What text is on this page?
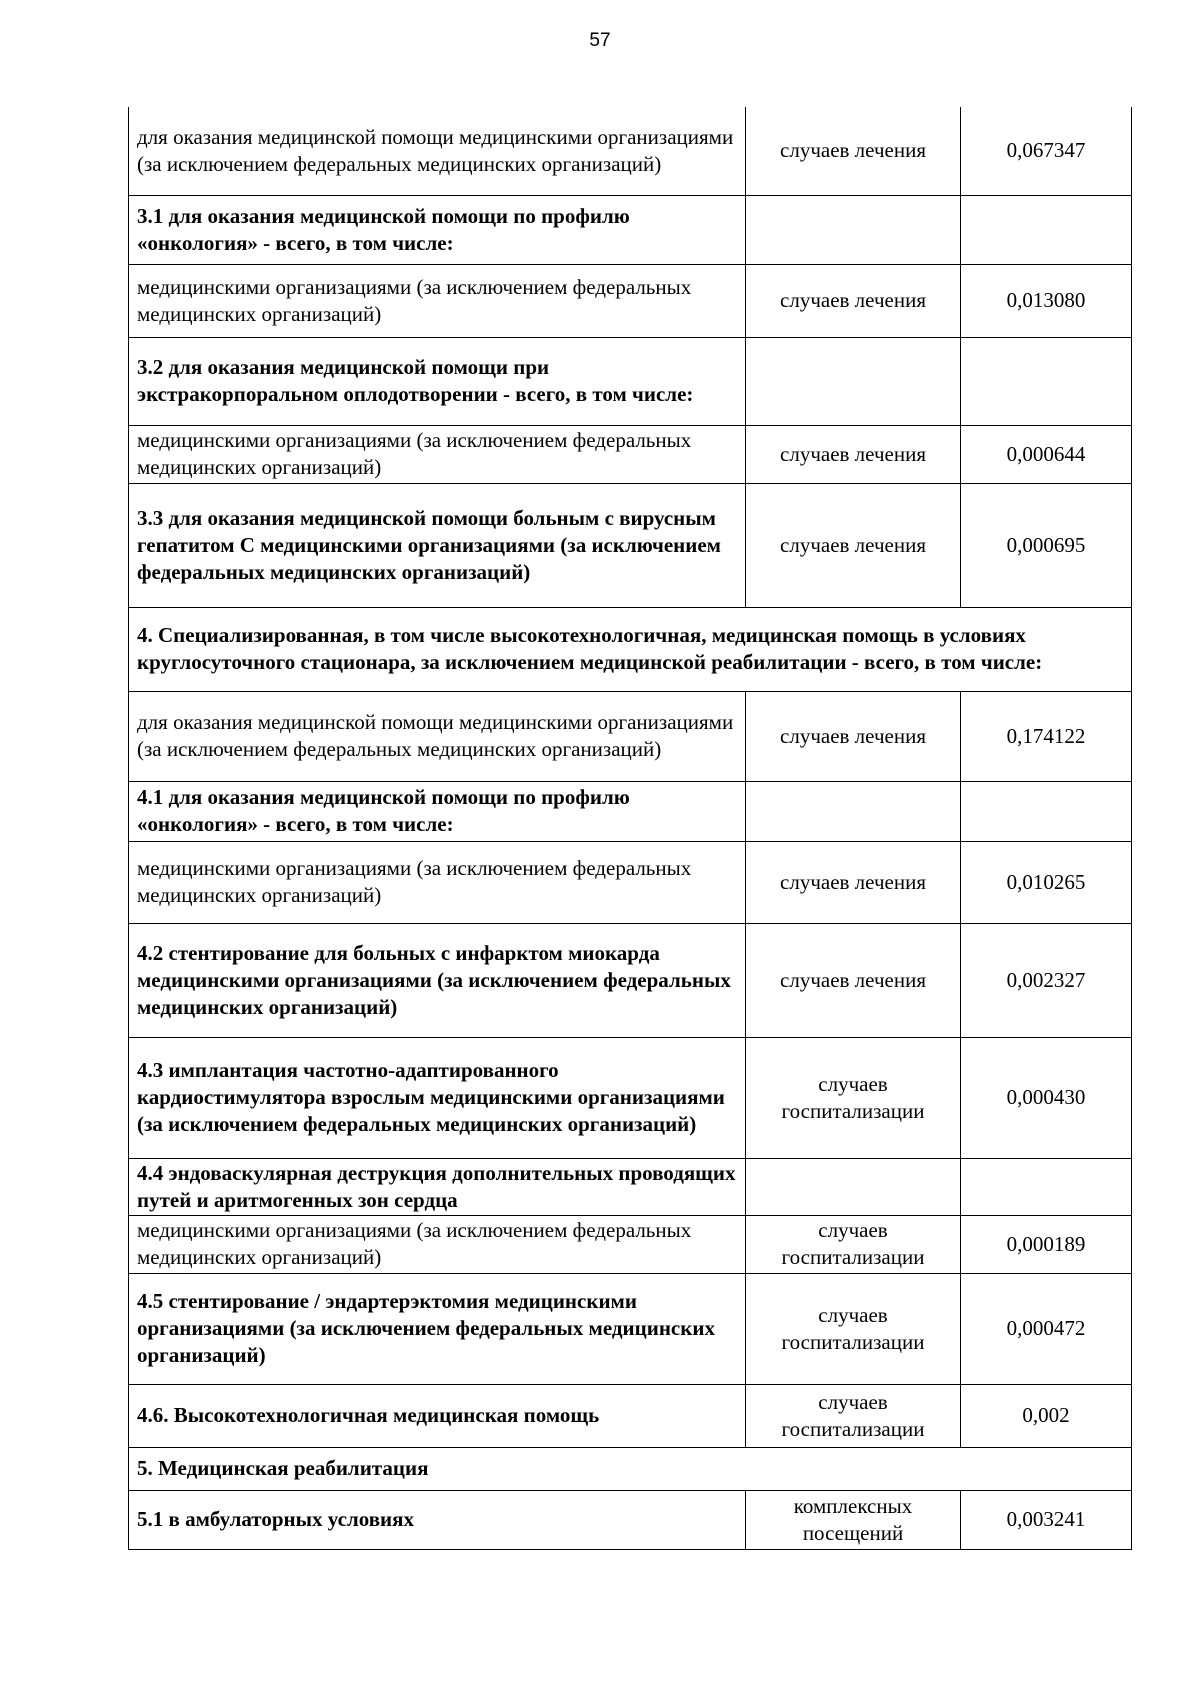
57
для оказания медицинской помощи медицинскими организациями (за исключением федеральных медицинских организаций)	случаев лечения	0,067347
3.1 для оказания медицинской помощи по профилю «онкология» - всего, в том числе:		
медицинскими организациями (за исключением федеральных медицинских организаций)	случаев лечения	0,013080
3.2 для оказания медицинской помощи при экстракорпоральном оплодотворении - всего, в том числе:		
медицинскими организациями (за исключением федеральных медицинских организаций)	случаев лечения	0,000644
3.3 для оказания медицинской помощи больным с вирусным гепатитом С медицинскими организациями (за исключением федеральных медицинских организаций)	случаев лечения	0,000695
4. Специализированная, в том числе высокотехнологичная, медицинская помощь в условиях круглосуточного стационара, за исключением медицинской реабилитации - всего, в том числе:		
для оказания медицинской помощи медицинскими организациями (за исключением федеральных медицинских организаций)	случаев лечения	0,174122
4.1 для оказания медицинской помощи по профилю «онкология» - всего, в том числе:		
медицинскими организациями (за исключением федеральных медицинских организаций)	случаев лечения	0,010265
4.2 стентирование для больных с инфарктом миокарда медицинскими организациями (за исключением федеральных медицинских организаций)	случаев лечения	0,002327
4.3 имплантация частотно-адаптированного кардиостимулятора взрослым медицинскими организациями (за исключением федеральных медицинских организаций)	случаев госпитализации	0,000430
4.4 эндоваскулярная деструкция дополнительных проводящих путей и аритмогенных зон сердца		
медицинскими организациями (за исключением федеральных медицинских организаций)	случаев госпитализации	0,000189
4.5 стентирование / эндартерэктомия медицинскими организациями (за исключением федеральных медицинских организаций)	случаев госпитализации	0,000472
4.6. Высокотехнологичная медицинская помощь	случаев госпитализации	0,002
5. Медицинская реабилитация		
5.1 в амбулаторных условиях	комплексных посещений	0,003241
